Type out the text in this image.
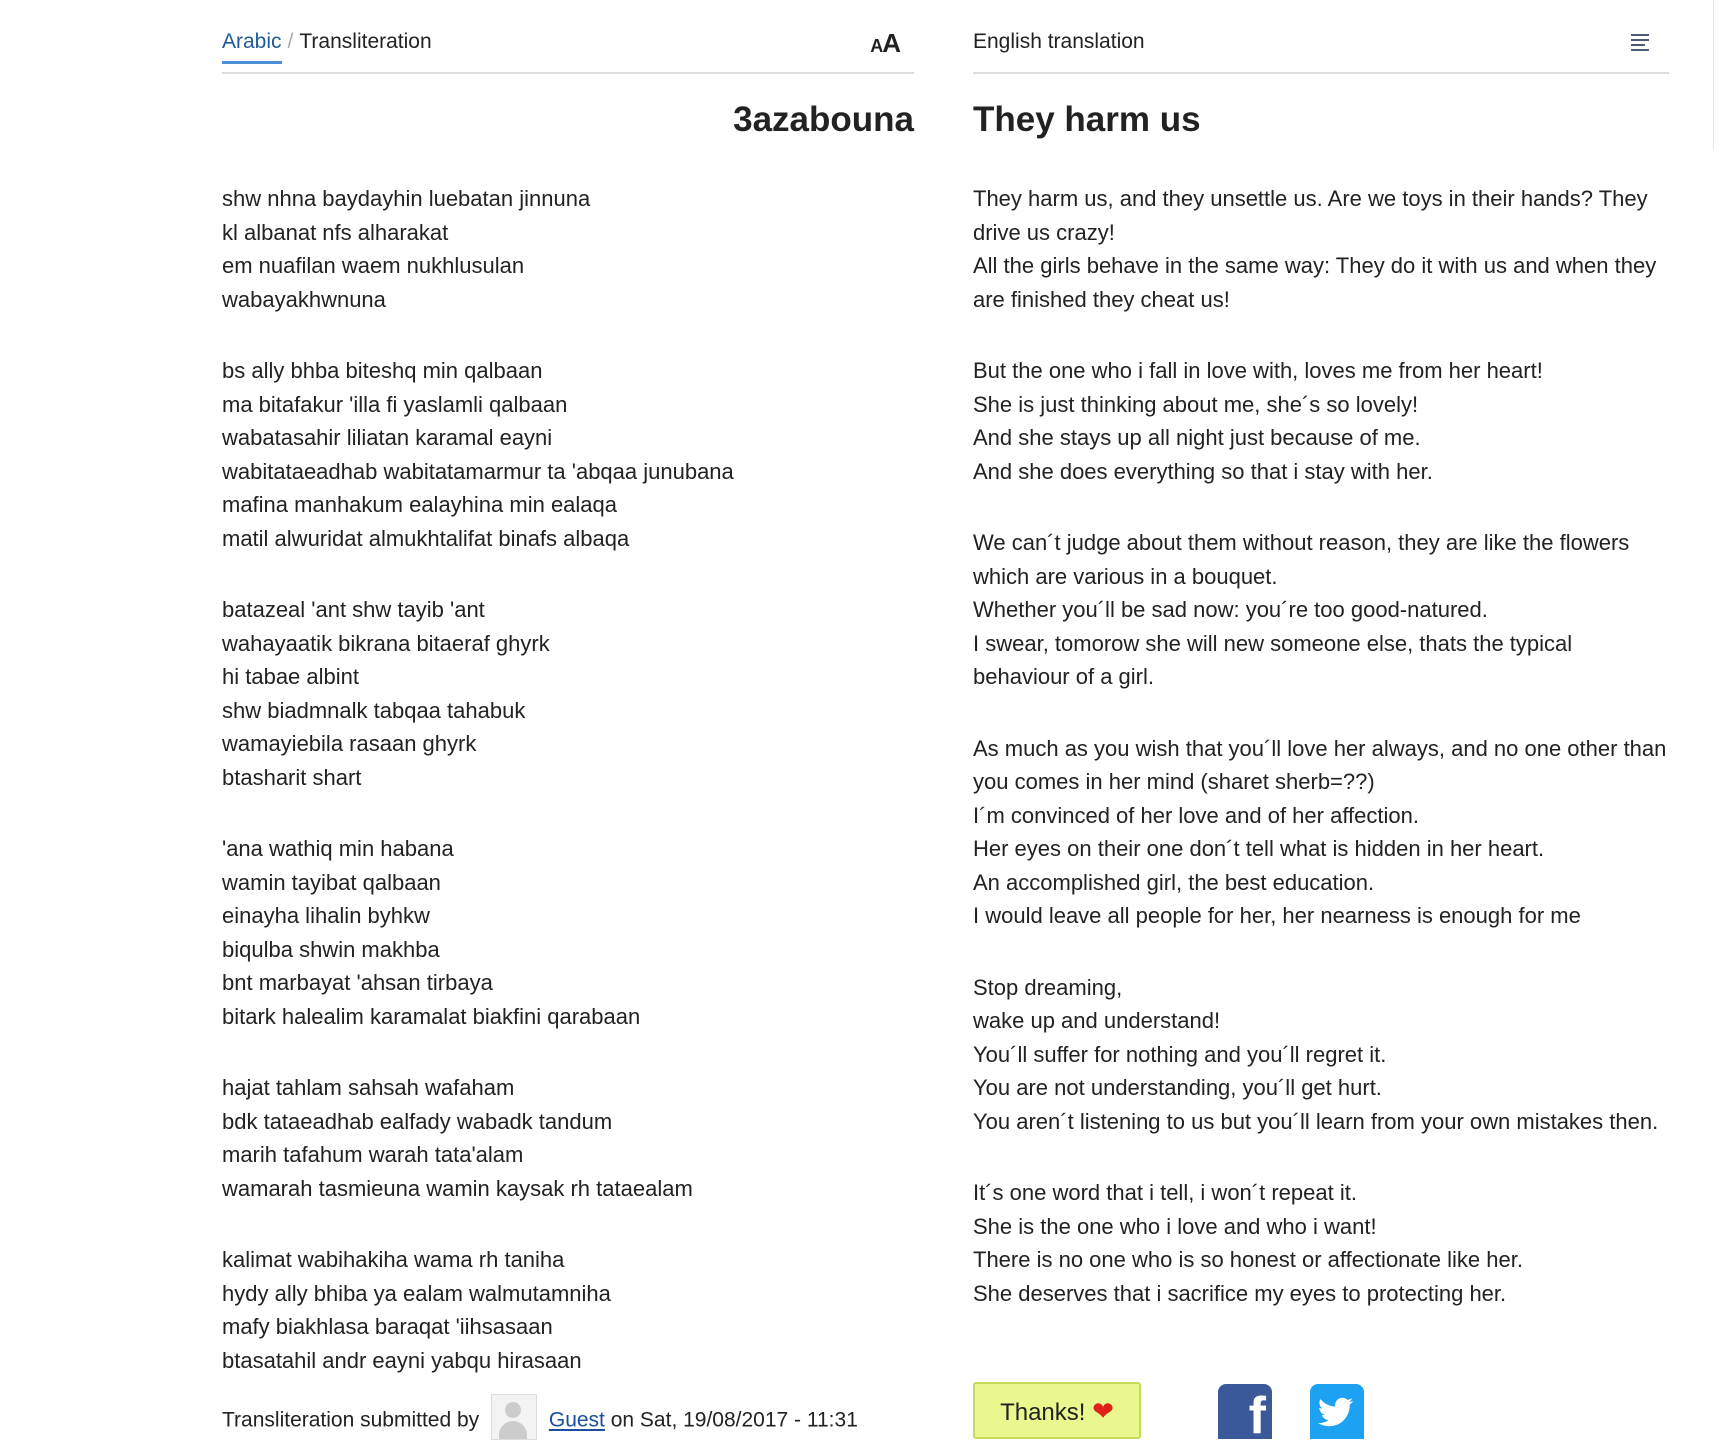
Arabic / Transliteration	AA
3azabouna
shw nhna baydayhin luebatan jinnuna
kl albanat nfs alharakat
em nuafilan waem nukhlusulan
wabayakhwnuna
bs ally bhba biteshq min qalbaan
ma bitafakur 'illa fi yaslamli qalbaan
wabatasahir liliatan karamal eayni
wabitataeadhab wabitatamarmur ta 'abqaa junubana
mafina manhakum ealayhina min ealaqa
matil alwuridat almukhtalifat binafs albaqa
batazeal 'ant shw tayib 'ant
wahayaatik bikrana bitaeraf ghyrk
hi tabae albint
shw biadmnalk tabqaa tahabuk
wamayiebila rasaan ghyrk
btasharit shart
'ana wathiq min habana
wamin tayibat qalbaan
einayha lihalin byhkw
biqulba shwin makhba
bnt marbayat 'ahsan tirbaya
bitark halealim karamalat biakfini qarabaan
hajat tahlam sahsah wafaham
bdk tataeadhab ealfady wabadk tandum
marih tafahum warah tata'alam
wamarah tasmieuna wamin kaysak rh tataealam
kalimat wabihakiha wama rh taniha
hydy ally bhiba ya ealam walmutamniha
mafy biakhlasa baraqat 'iihsasaan
btasatahil andr eayni yabqu hirasaan
English translation
They harm us
They harm us, and they unsettle us. Are we toys in their hands? They drive us crazy!
All the girls behave in the same way: They do it with us and when they are finished they cheat us!
But the one who i fall in love with, loves me from her heart!
She is just thinking about me, she´s so lovely!
And she stays up all night just because of me.
And she does everything so that i stay with her.
We can´t judge about them without reason, they are like the flowers which are various in a bouquet.
Whether you´ll be sad now: you´re too good-natured.
I swear, tomorow she will new someone else, thats the typical behaviour of a girl.
As much as you wish that you´ll love her always, and no one other than you comes in her mind (sharet sherb=??)
I´m convinced of her love and of her affection.
Her eyes on their one don´t tell what is hidden in her heart.
An accomplished girl, the best education.
I would leave all people for her, her nearness is enough for me
Stop dreaming,
wake up and understand!
You´ll suffer for nothing and you´ll regret it.
You are not understanding, you´ll get hurt.
You aren´t listening to us but you´ll learn from your own mistakes then.
It´s one word that i tell, i won´t repeat it.
She is the one who i love and who i want!
There is no one who is so honest or affectionate like her.
She deserves that i sacrifice my eyes to protecting her.
Transliteration submitted by	Guest on Sat, 19/08/2017 - 11:31	Thanks! ❤	f
